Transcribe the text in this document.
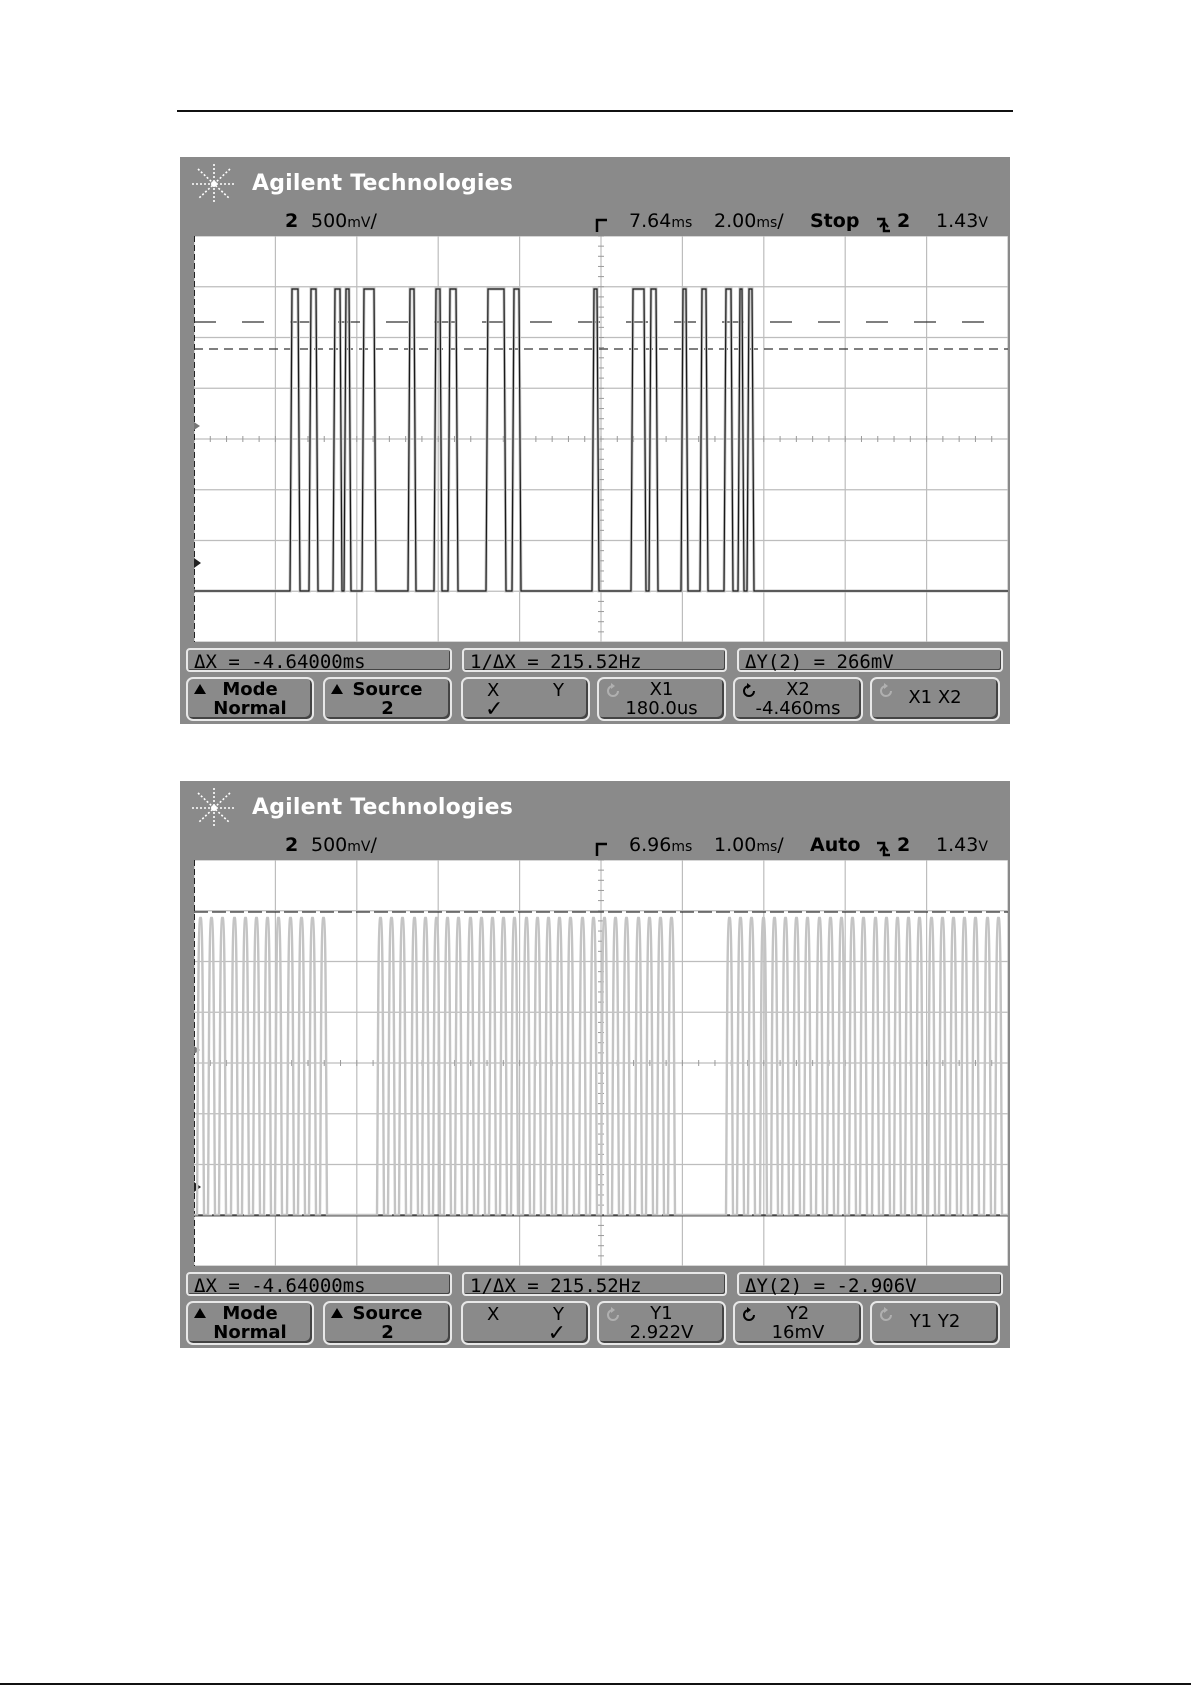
Agilent Technologies
2 500mV/	7.64ms 2.00ms/ Stop 2 1.43V
ΔX = -4.64000ms	1/ΔX = 215.52Hz	ΔY(2) = 266mV
Mode
Normal
Source
2
X	Y
✓
X1
180.0us
X2
-4.460ms
X1 X2
Agilent Technologies
2 500mV/	6.96ms 1.00ms/ Auto 2 1.43V
ΔX = -4.64000ms	1/ΔX = 215.52Hz	ΔY(2) = -2.906V
Mode
Normal
Source
2
X	Y
✓
Y1
2.922V
Y2
16mV
Y1 Y2
